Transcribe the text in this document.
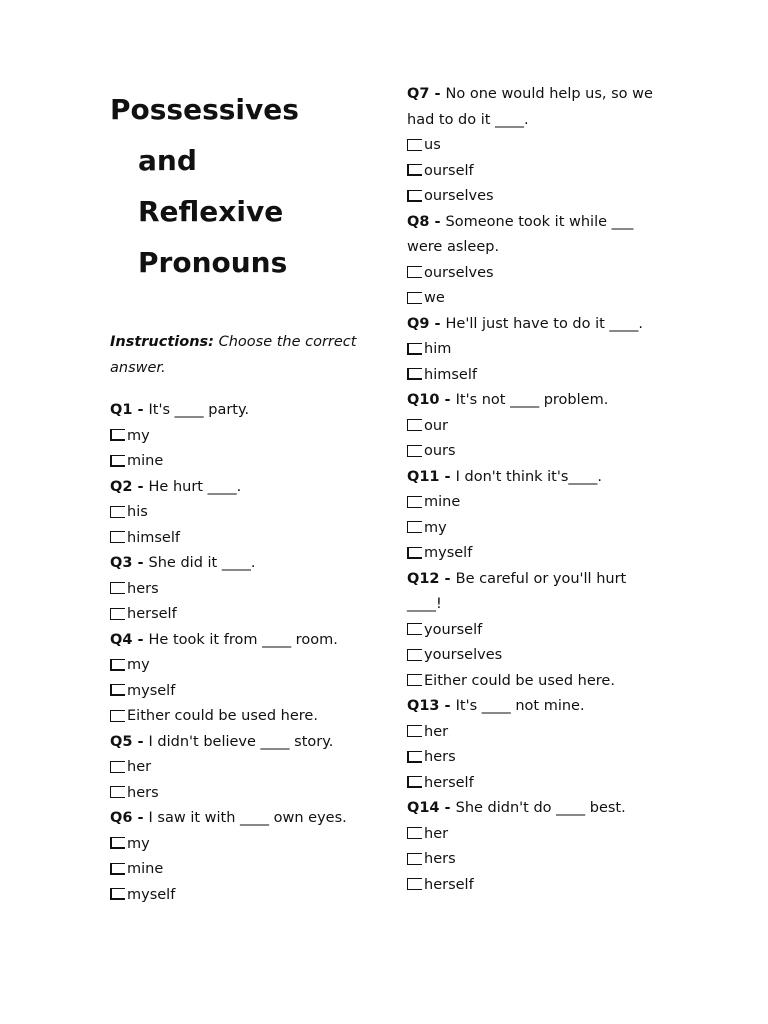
Possessives
and
Reflexive
Pronouns
Instructions: Choose the correct answer.
Q1 - It's ____ party.
my
mine
Q2 - He hurt ____.
his
himself
Q3 - She did it ____.
hers
herself
Q4 - He took it from ____ room.
my
myself
Either could be used here.
Q5 - I didn't believe ____ story.
her
hers
Q6 - I saw it with ____ own eyes.
my
mine
myself
Q7 - No one would help us, so we had to do it ____.
us
ourself
ourselves
Q8 - Someone took it while ___ were asleep.
ourselves
we
Q9 - He'll just have to do it ____.
him
himself
Q10 - It's not ____ problem.
our
ours
Q11 - I don't think it's____.
mine
my
myself
Q12 - Be careful or you'll hurt ____!
yourself
yourselves
Either could be used here.
Q13 - It's ____ not mine.
her
hers
herself
Q14 - She didn't do ____ best.
her
hers
herself
